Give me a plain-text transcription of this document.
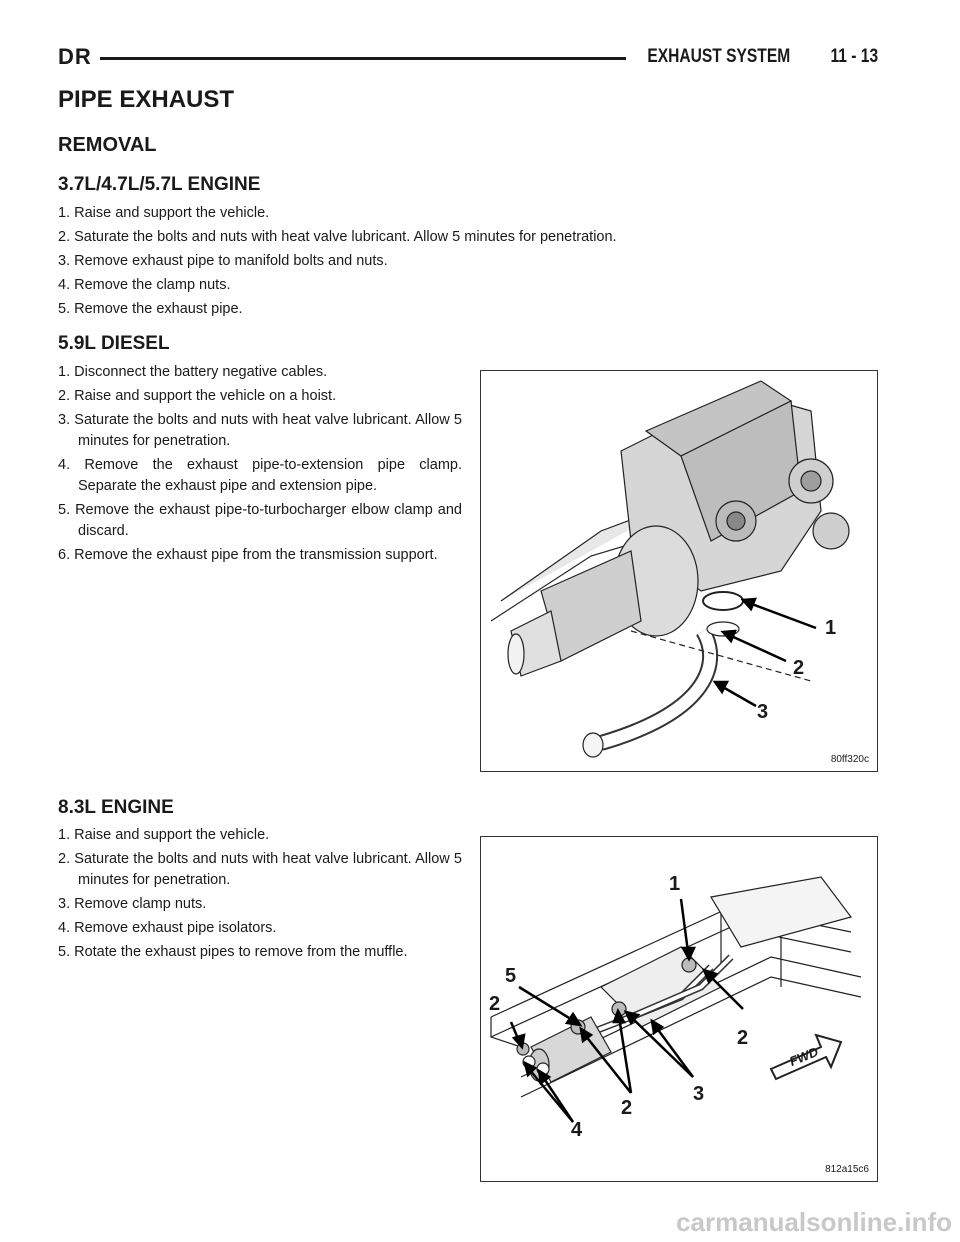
DR	EXHAUST SYSTEM 11 - 13
PIPE EXHAUST
REMOVAL
3.7L/4.7L/5.7L ENGINE

1. Raise and support the vehicle.

2. Saturate the bolts and nuts with heat valve lubricant. Allow 5 minutes for penetration.

3. Remove exhaust pipe to manifold bolts and nuts.

4. Remove the clamp nuts.

5. Remove the exhaust pipe.

5.9L DIESEL

1. Disconnect the battery negative cables.

2. Raise and support the vehicle on a hoist.

3. Saturate the bolts and nuts with heat valve lubricant. Allow 5 minutes for penetration.

4. Remove the exhaust pipe-to-extension pipe clamp. Separate the exhaust pipe and extension pipe.

5. Remove the exhaust pipe-to-turbocharger elbow clamp and discard.

6. Remove the exhaust pipe from the transmission support.

1
2
3
80ff320c
8.3L ENGINE

1. Raise and support the vehicle.

2. Saturate the bolts and nuts with heat valve lubricant. Allow 5 minutes for penetration.

3. Remove clamp nuts.

4. Remove exhaust pipe isolators.

5. Rotate the exhaust pipes to remove from the muffle.

1
5
2
2
3
2
4
FWD
812a15c6
carmanualsonline.info
